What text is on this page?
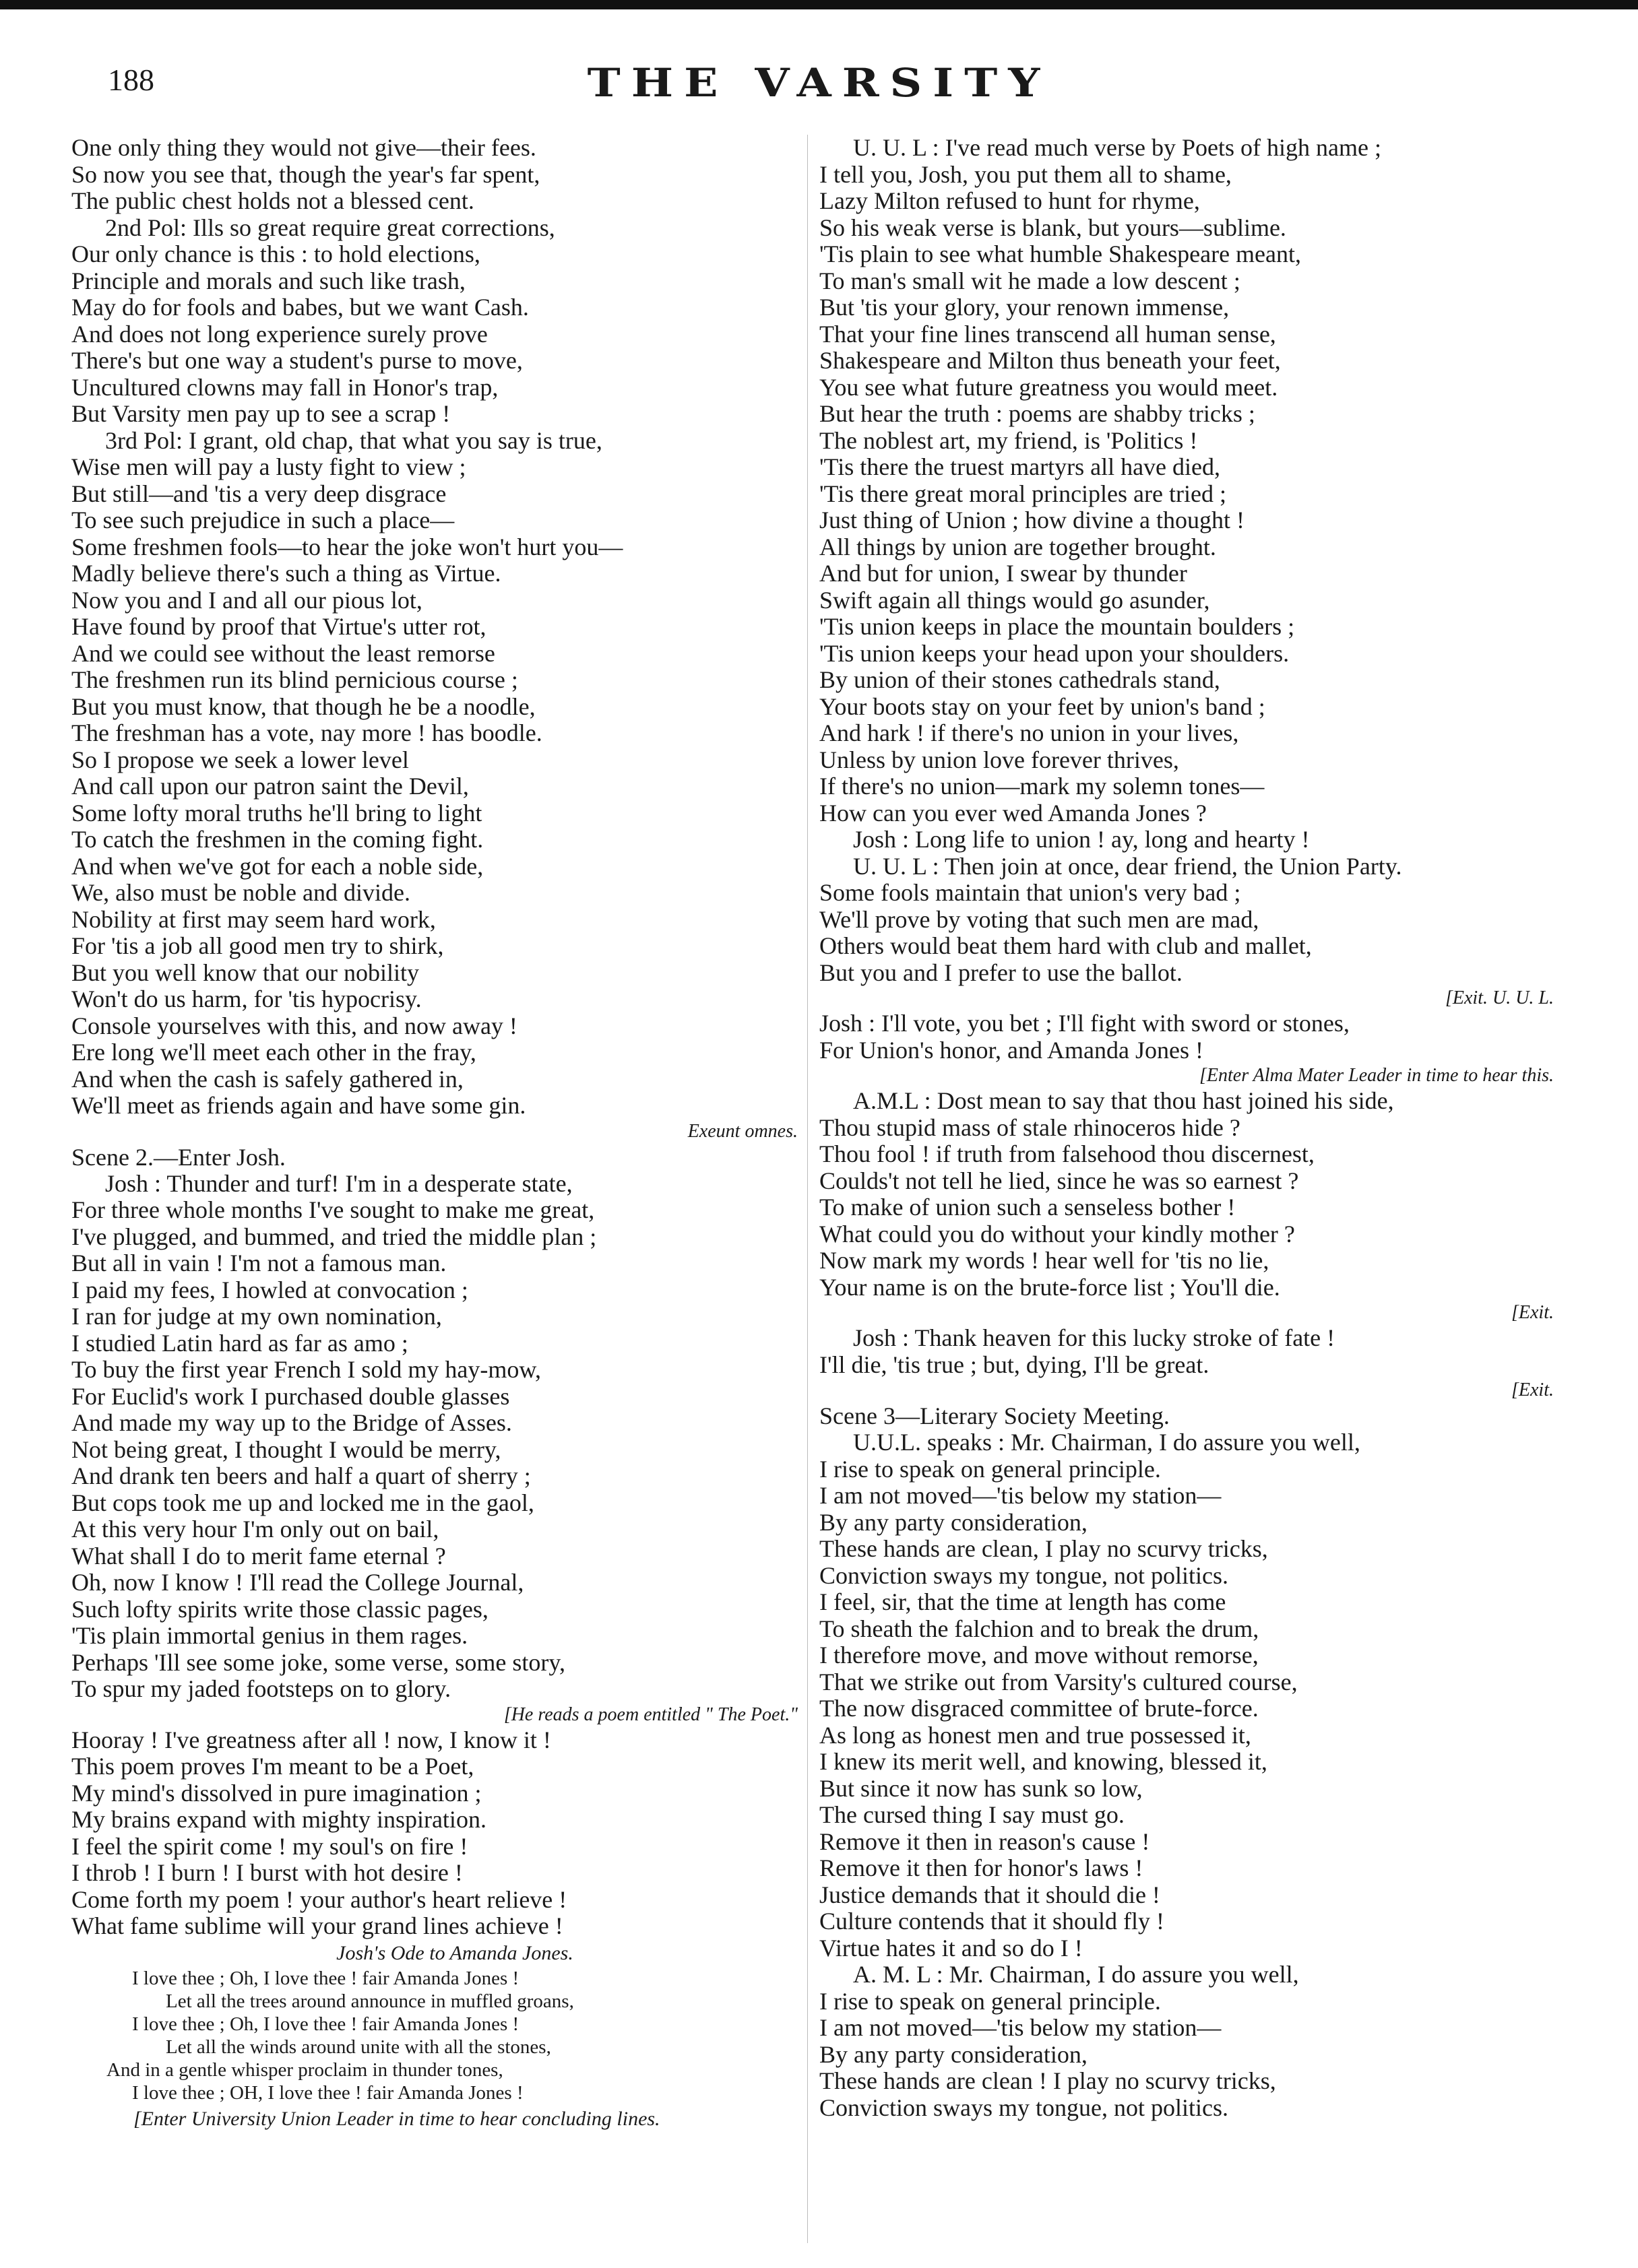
188	THE VARSITY
One only thing they would not give—their fees.
So now you see that, though the year's far spent,
The public chest holds not a blessed cent.
2nd Pol: Ills so great require great corrections,
Our only chance is this : to hold elections,
Principle and morals and such like trash,
May do for fools and babes, but we want Cash.
And does not long experience surely prove
There's but one way a student's purse to move,
Uncultured clowns may fall in Honor's trap,
But Varsity men pay up to see a scrap !
3rd Pol: I grant, old chap, that what you say is true,
Wise men will pay a lusty fight to view ;
But still—and 'tis a very deep disgrace
To see such prejudice in such a place—
Some freshmen fools—to hear the joke won't hurt you—
Madly believe there's such a thing as Virtue.
Now you and I and all our pious lot,
Have found by proof that Virtue's utter rot,
And we could see without the least remorse
The freshmen run its blind pernicious course ;
But you must know, that though he be a noodle,
The freshman has a vote, nay more ! has boodle.
So I propose we seek a lower level
And call upon our patron saint the Devil,
Some lofty moral truths he'll bring to light
To catch the freshmen in the coming fight.
And when we've got for each a noble side,
We, also must be noble and divide.
Nobility at first may seem hard work,
For 'tis a job all good men try to shirk,
But you well know that our nobility
Won't do us harm, for 'tis hypocrisy.
Console yourselves with this, and now away !
Ere long we'll meet each other in the fray,
And when the cash is safely gathered in,
We'll meet as friends again and have some gin.
Exeunt omnes.
Scene 2.—Enter Josh.
Josh : Thunder and turf! I'm in a desperate state,
For three whole months I've sought to make me great,
I've plugged, and bummed, and tried the middle plan ;
But all in vain ! I'm not a famous man.
I paid my fees, I howled at convocation ;
I ran for judge at my own nomination,
I studied Latin hard as far as amo ;
To buy the first year French I sold my hay-mow,
For Euclid's work I purchased double glasses
And made my way up to the Bridge of Asses.
Not being great, I thought I would be merry,
And drank ten beers and half a quart of sherry ;
But cops took me up and locked me in the gaol,
At this very hour I'm only out on bail,
What shall I do to merit fame eternal ?
Oh, now I know ! I'll read the College Journal,
Such lofty spirits write those classic pages,
'Tis plain immortal genius in them rages.
Perhaps 'Ill see some joke, some verse, some story,
To spur my jaded footsteps on to glory.
[He reads a poem entitled " The Poet."
Hooray ! I've greatness after all ! now, I know it !
This poem proves I'm meant to be a Poet,
My mind's dissolved in pure imagination ;
My brains expand with mighty inspiration.
I feel the spirit come ! my soul's on fire !
I throb ! I burn ! I burst with hot desire !
Come forth my poem ! your author's heart relieve !
What fame sublime will your grand lines achieve !
Josh's Ode to Amanda Jones.
I love thee ; Oh, I love thee ! fair Amanda Jones !
Let all the trees around announce in muffled groans,
I love thee ; Oh, I love thee ! fair Amanda Jones !
Let all the winds around unite with all the stones,
And in a gentle whisper proclaim in thunder tones,
I love thee ; OH, I love thee ! fair Amanda Jones !
[Enter University Union Leader in time to hear concluding lines.
U. U. L : I've read much verse by Poets of high name ;
I tell you, Josh, you put them all to shame,
Lazy Milton refused to hunt for rhyme,
So his weak verse is blank, but yours—sublime.
'Tis plain to see what humble Shakespeare meant,
To man's small wit he made a low descent ;
But 'tis your glory, your renown immense,
That your fine lines transcend all human sense,
Shakespeare and Milton thus beneath your feet,
You see what future greatness you would meet.
But hear the truth : poems are shabby tricks ;
The noblest art, my friend, is 'Politics !
'Tis there the truest martyrs all have died,
'Tis there great moral principles are tried ;
Just thing of Union ; how divine a thought !
All things by union are together brought.
And but for union, I swear by thunder
Swift again all things would go asunder,
'Tis union keeps in place the mountain boulders ;
'Tis union keeps your head upon your shoulders.
By union of their stones cathedrals stand,
Your boots stay on your feet by union's band ;
And hark ! if there's no union in your lives,
Unless by union love forever thrives,
If there's no union—mark my solemn tones—
How can you ever wed Amanda Jones ?
Josh : Long life to union ! ay, long and hearty !
U. U. L : Then join at once, dear friend, the Union Party.
Some fools maintain that union's very bad ;
We'll prove by voting that such men are mad,
Others would beat them hard with club and mallet,
But you and I prefer to use the ballot.
[Exit. U. U. L.
Josh : I'll vote, you bet ; I'll fight with sword or stones,
For Union's honor, and Amanda Jones !
[Enter Alma Mater Leader in time to hear this.
A.M.L : Dost mean to say that thou hast joined his side,
Thou stupid mass of stale rhinoceros hide ?
Thou fool ! if truth from falsehood thou discernest,
Coulds't not tell he lied, since he was so earnest ?
To make of union such a senseless bother !
What could you do without your kindly mother ?
Now mark my words ! hear well for 'tis no lie,
Your name is on the brute-force list ; You'll die.
[Exit.
Josh : Thank heaven for this lucky stroke of fate !
I'll die, 'tis true ; but, dying, I'll be great.
[Exit.
Scene 3—Literary Society Meeting.
U.U.L. speaks : Mr. Chairman, I do assure you well,
I rise to speak on general principle.
I am not moved—'tis below my station—
By any party consideration,
These hands are clean, I play no scurvy tricks,
Conviction sways my tongue, not politics.
I feel, sir, that the time at length has come
To sheath the falchion and to break the drum,
I therefore move, and move without remorse,
That we strike out from Varsity's cultured course,
The now disgraced committee of brute-force.
As long as honest men and true possessed it,
I knew its merit well, and knowing, blessed it,
But since it now has sunk so low,
The cursed thing I say must go.
Remove it then in reason's cause !
Remove it then for honor's laws !
Justice demands that it should die !
Culture contends that it should fly !
Virtue hates it and so do I !
A. M. L : Mr. Chairman, I do assure you well,
I rise to speak on general principle.
I am not moved—'tis below my station—
By any party consideration,
These hands are clean ! I play no scurvy tricks,
Conviction sways my tongue, not politics.
